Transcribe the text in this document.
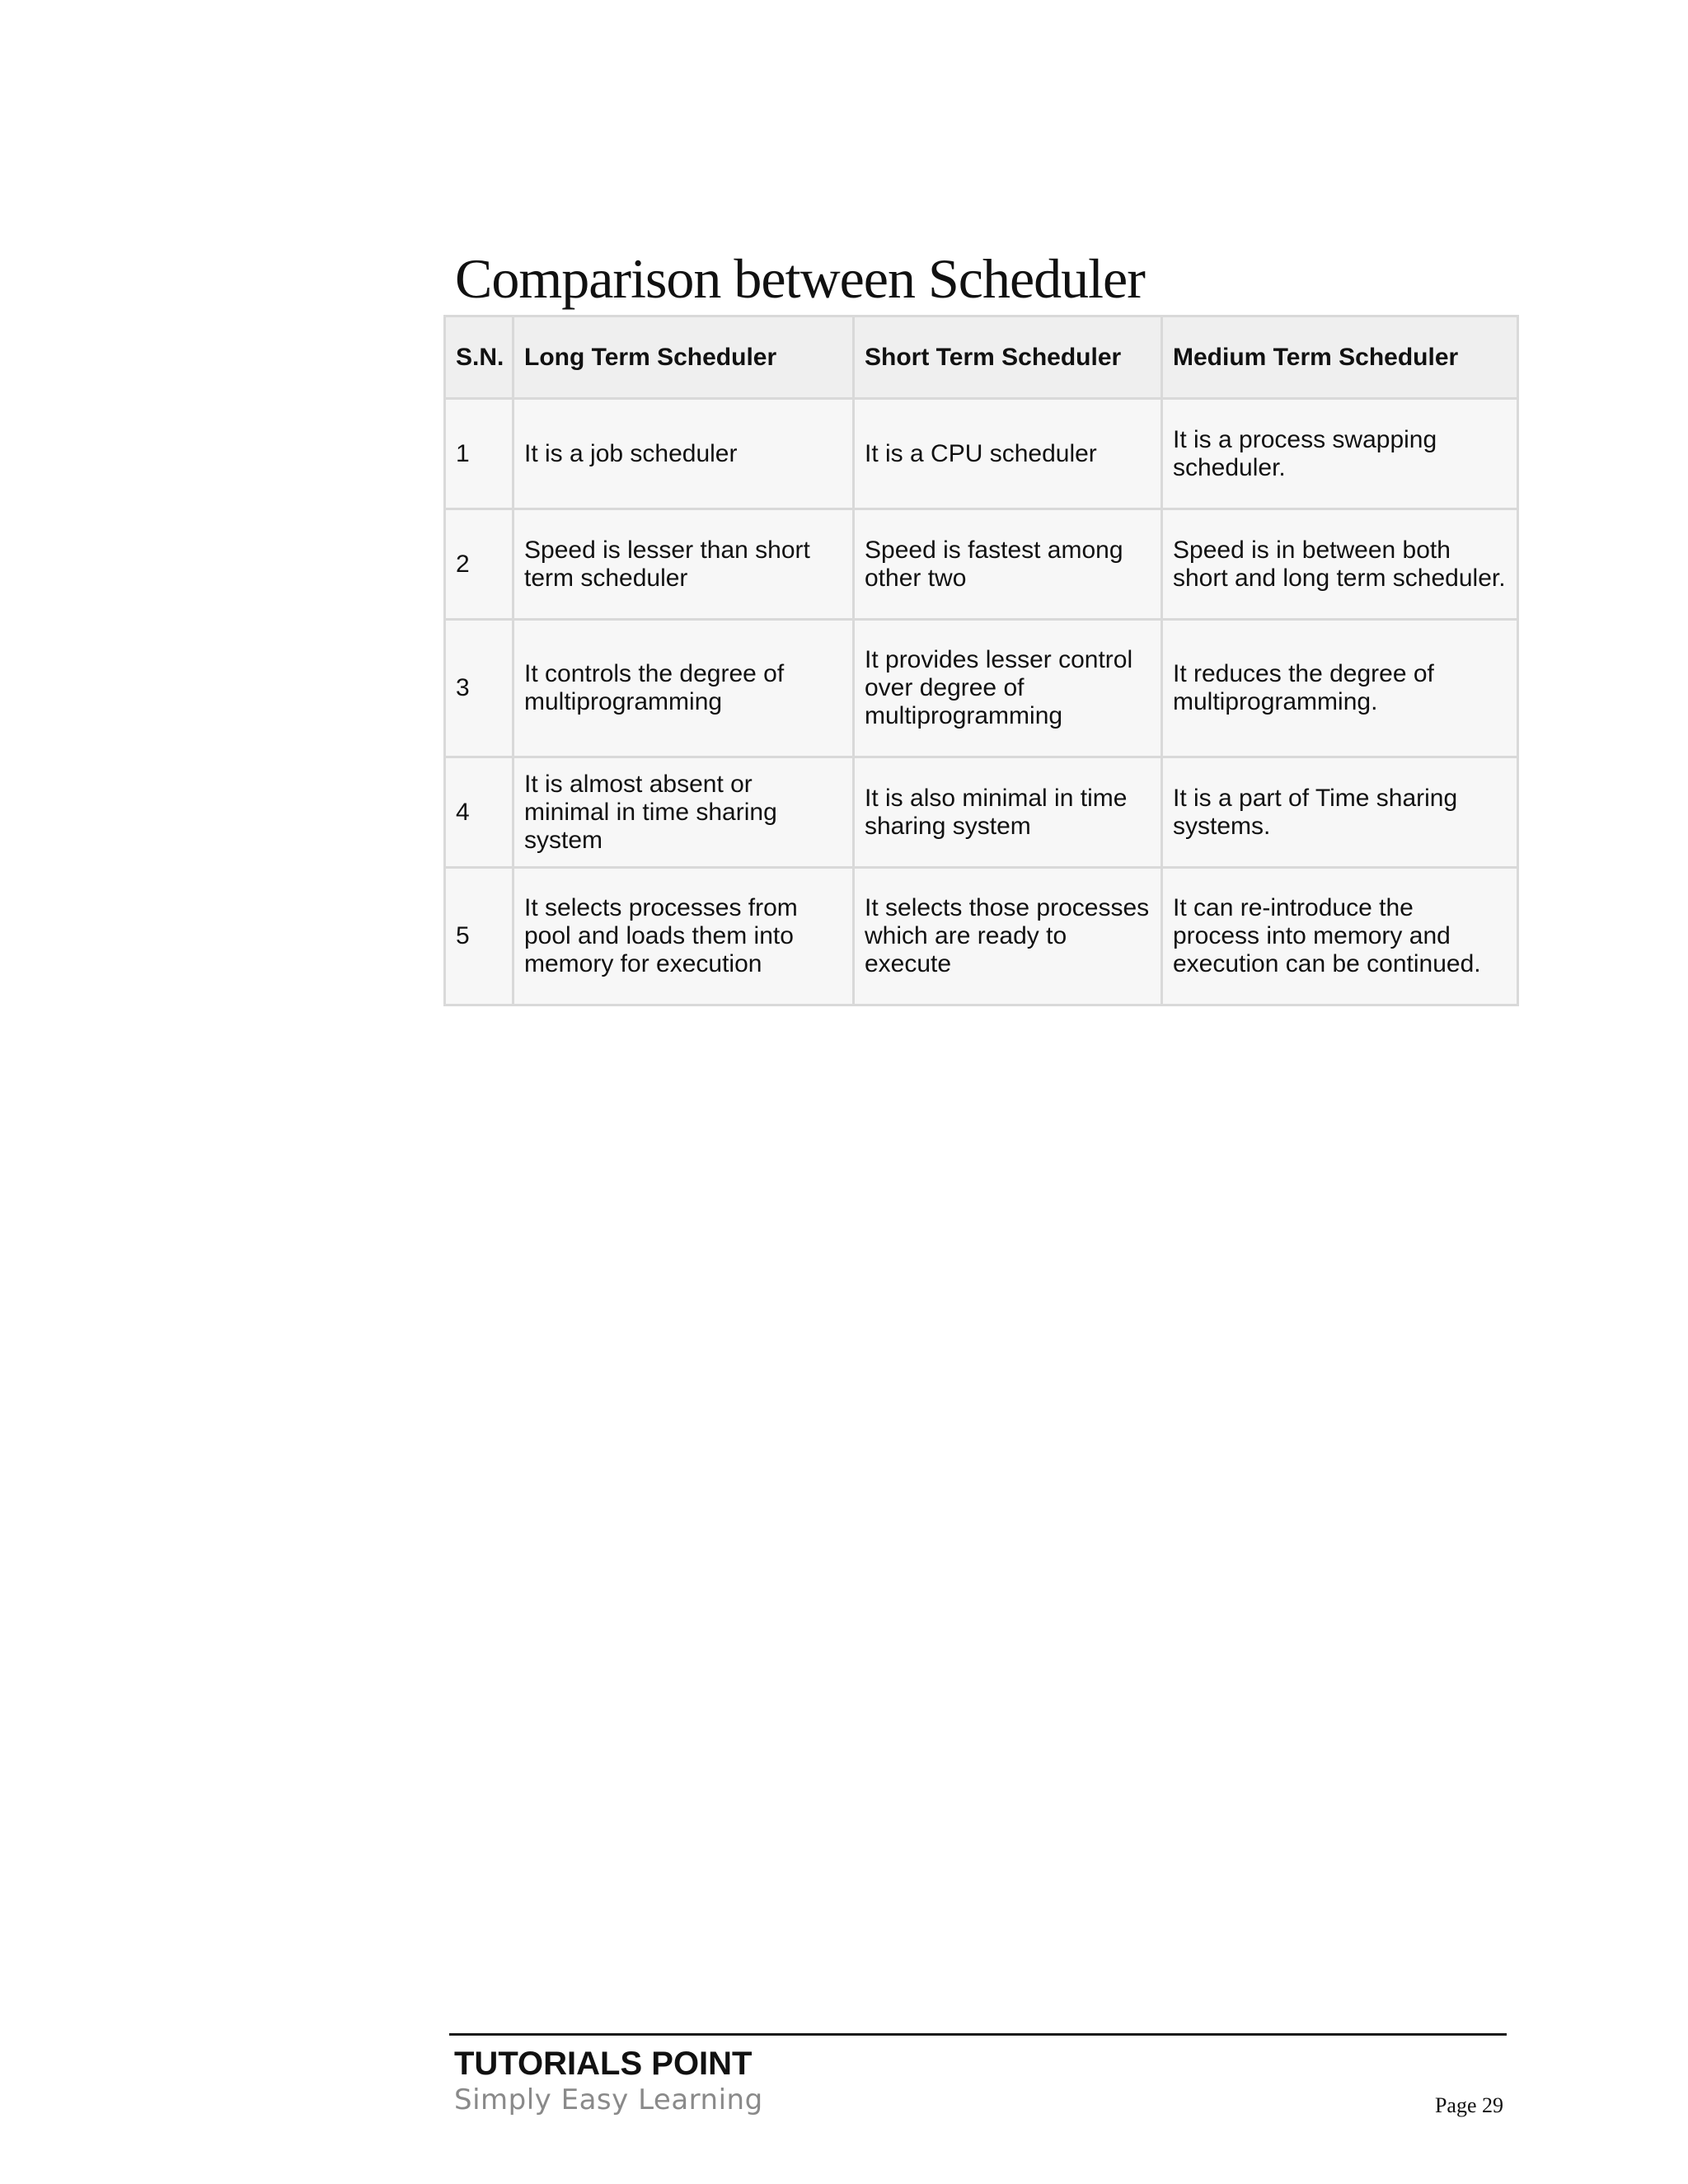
Comparison between Scheduler
S.N.	Long Term Scheduler	Short Term Scheduler	Medium Term Scheduler
1	It is a job scheduler	It is a CPU scheduler	It is a process swapping scheduler.
2	Speed is lesser than short term scheduler	Speed is fastest among other two	Speed is in between both short and long term scheduler.
3	It controls the degree of multiprogramming	It provides lesser control over degree of multiprogramming	It reduces the degree of multiprogramming.
4	It is almost absent or minimal in time sharing system	It is also minimal in time sharing system	It is a part of Time sharing systems.
5	It selects processes from pool and loads them into memory for execution	It selects those processes which are ready to execute	It can re-introduce the process into memory and execution can be continued.
TUTORIALS POINT
Simply Easy Learning	Page 29
